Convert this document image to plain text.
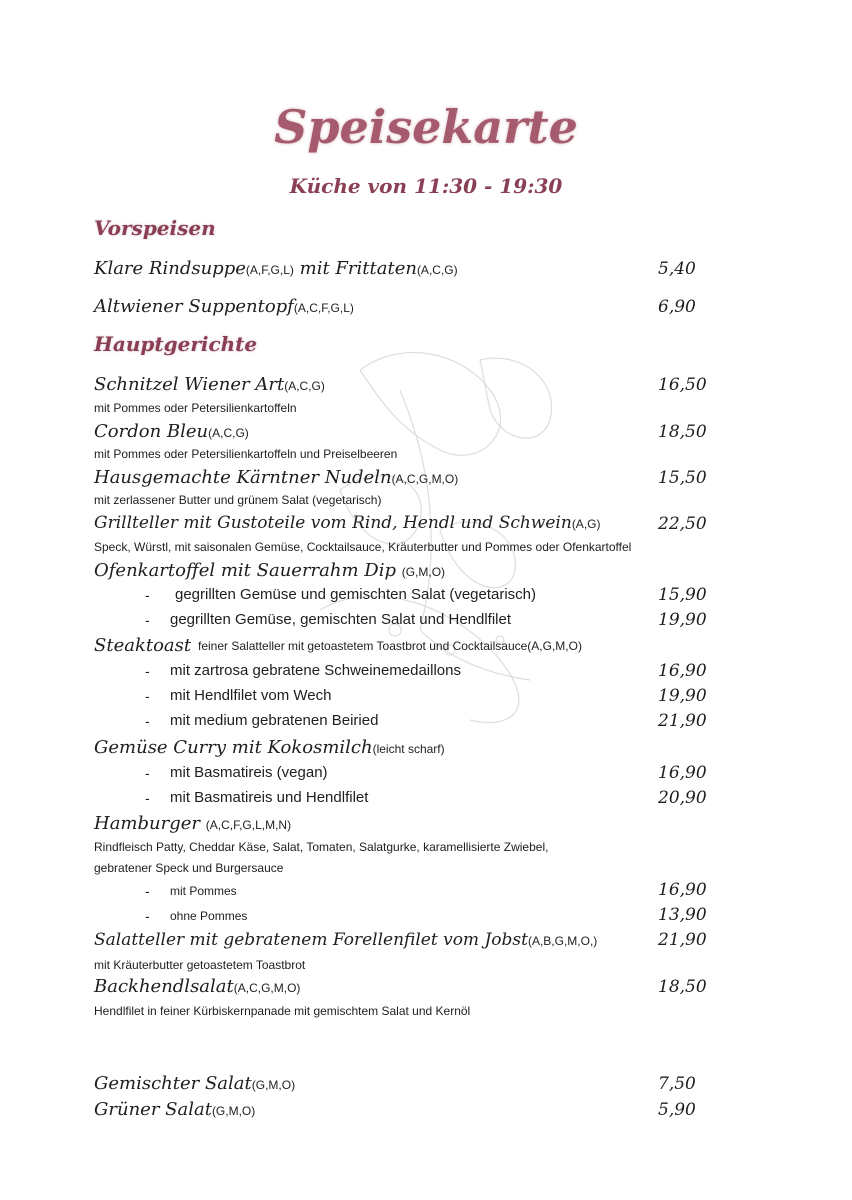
Speisekarte
Küche von 11:30 - 19:30
Vorspeisen
Klare Rindsuppe(A,F,G,L) mit Frittaten(A,C,G)	5,40
Altwiener Suppentopf(A,C,F,G,L)	6,90
Hauptgerichte
Schnitzel Wiener Art(A,C,G)	16,50
mit Pommes oder Petersilienkartoffeln
Cordon Bleu(A,C,G)	18,50
mit Pommes oder Petersilienkartoffeln und Preiselbeeren
Hausgemachte Kärntner Nudeln(A,C,G,M,O)	15,50
mit zerlassener Butter und grünem Salat (vegetarisch)
Grillteller mit Gustoteile vom Rind, Hendl und Schwein(A,G)	22,50
Speck, Würstl, mit saisonalen Gemüse, Cocktailsauce, Kräuterbutter und Pommes oder Ofenkartoffel
Ofenkartoffel mit Sauerrahm Dip (G,M,O)
- gegrillten Gemüse und gemischten Salat (vegetarisch)	15,90
- gegrillten Gemüse, gemischten Salat und Hendlfilet	19,90
Steaktoast feiner Salatteller mit getoastetem Toastbrot und Cocktailsauce(A,G,M,O)
- mit zartrosa gebratene Schweinemedaillons	16,90
- mit Hendlfilet vom Wech	19,90
- mit medium gebratenen Beiried	21,90
Gemüse Curry mit Kokosmilch(leicht scharf)
- mit Basmatireis (vegan)	16,90
- mit Basmatireis und Hendlfilet	20,90
Hamburger (A,C,F,G,L,M,N)
Rindfleisch Patty, Cheddar Käse, Salat, Tomaten, Salatgurke, karamellisierte Zwiebel,
gebratener Speck und Burgersauce
- mit Pommes	16,90
- ohne Pommes	13,90
Salatteller mit gebratenem Forellenfilet vom Jobst(A,B,G,M,O,)	21,90
mit Kräuterbutter getoastetem Toastbrot
Backhendlsalat(A,C,G,M,O)	18,50
Hendlfilet in feiner Kürbiskernpanade mit gemischtem Salat und Kernöl
Gemischter Salat(G,M,O)	7,50
Grüner Salat(G,M,O)	5,90
